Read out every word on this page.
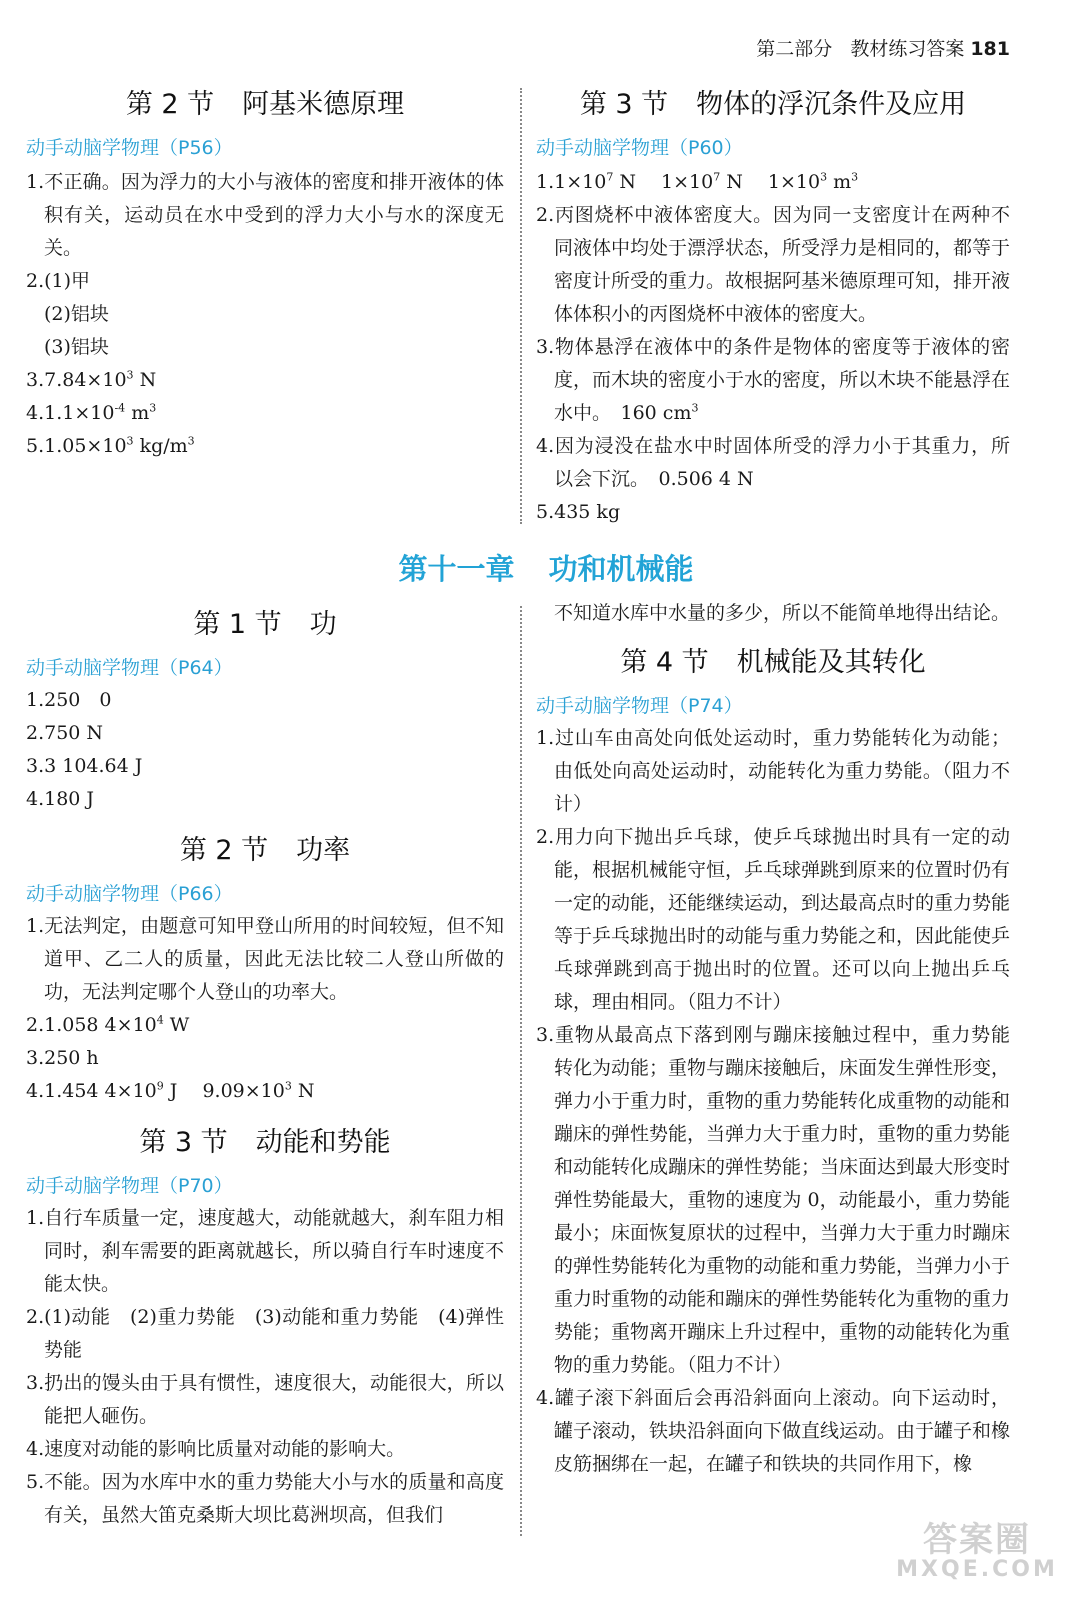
第二部分 教材练习答案 181

第 2 节 阿基米德原理

动手动脑学物理（P56）

1.不正确。因为浮力的大小与液体的密度和排开液体的体积有关，运动员在水中受到的浮力大小与水的深度无关。

2.(1)甲

(2)铝块

(3)铝块

$3.7.84\times 10^3$ N

$4.1.1\times 10^{-4}$ $m^3$

$5.1.05\times 10^3$ $kg/m^3$

第 3 节 物体的浮沉条件及应用

动手动脑学物理（P60）

$1.1\times 10^7$ N　 $1\times 10^7$ N　 $1\times 10^3$ $m^3$

2.丙图烧杯中液体密度大。因为同一支密度计在两种不同液体中均处于漂浮状态，所受浮力是相同的，都等于密度计所受的重力。故根据阿基米德原理可知，排开液体体积小的丙图烧杯中液体的密度大。

3.物体悬浮在液体中的条件是物体的密度等于液体的密度，而木块的密度小于水的密度，所以木块不能悬浮在水中。　160 $cm^3$

4.因为浸没在盐水中时固体所受的浮力小于其重力，所以会下沉。　0.506 4 N

5.435 kg

第十一章 功和机械能

第 1 节 功

动手动脑学物理（P64）

1.250　0

2.750 N

3.3 104.64 J

4.180 J

第 2 节 功率

动手动脑学物理（P66）

1.无法判定，由题意可知甲登山所用的时间较短，但不知道甲、乙二人的质量，因此无法比较二人登山所做的功，无法判定哪个人登山的功率大。

2.1.058 $4\times 10^4$ W

3.250 h

4.1.454 $4\times 10^9$ J　 $9.09\times 10^3$ N

第 3 节 动能和势能

动手动脑学物理（P70）

1.自行车质量一定，速度越大，动能就越大，刹车阻力相同时，刹车需要的距离就越长，所以骑自行车时速度不能太快。

2.(1)动能　(2)重力势能　(3)动能和重力势能　(4)弹性势能

3.扔出的馒头由于具有惯性，速度很大，动能很大，所以能把人砸伤。

4.速度对动能的影响比质量对动能的影响大。

5.不能。因为水库中水的重力势能大小与水的质量和高度有关，虽然大笛克桑斯大坝比葛洲坝高，但我们

不知道水库中水量的多少，所以不能简单地得出结论。

第 4 节 机械能及其转化

动手动脑学物理（P74）

1.过山车由高处向低处运动时，重力势能转化为动能；由低处向高处运动时，动能转化为重力势能。（阻力不计）

2.用力向下抛出乒乓球，使乒乓球抛出时具有一定的动能，根据机械能守恒，乒乓球弹跳到原来的位置时仍有一定的动能，还能继续运动，到达最高点时的重力势能等于乒乓球抛出时的动能与重力势能之和，因此能使乒乓球弹跳到高于抛出时的位置。还可以向上抛出乒乓球，理由相同。（阻力不计）

3.重物从最高点下落到刚与蹦床接触过程中，重力势能转化为动能；重物与蹦床接触后，床面发生弹性形变，弹力小于重力时，重物的重力势能转化成重物的动能和蹦床的弹性势能，当弹力大于重力时，重物的重力势能和动能转化成蹦床的弹性势能；当床面达到最大形变时弹性势能最大，重物的速度为 0，动能最小，重力势能最小；床面恢复原状的过程中，当弹力大于重力时蹦床的弹性势能转化为重物的动能和重力势能，当弹力小于重力时重物的动能和蹦床的弹性势能转化为重物的重力势能；重物离开蹦床上升过程中，重物的动能转化为重物的重力势能。（阻力不计）

4.罐子滚下斜面后会再沿斜面向上滚动。向下运动时，罐子滚动，铁块沿斜面向下做直线运动。由于罐子和橡皮筋捆绑在一起，在罐子和铁块的共同作用下，橡

答案圈
MXQE.COM
